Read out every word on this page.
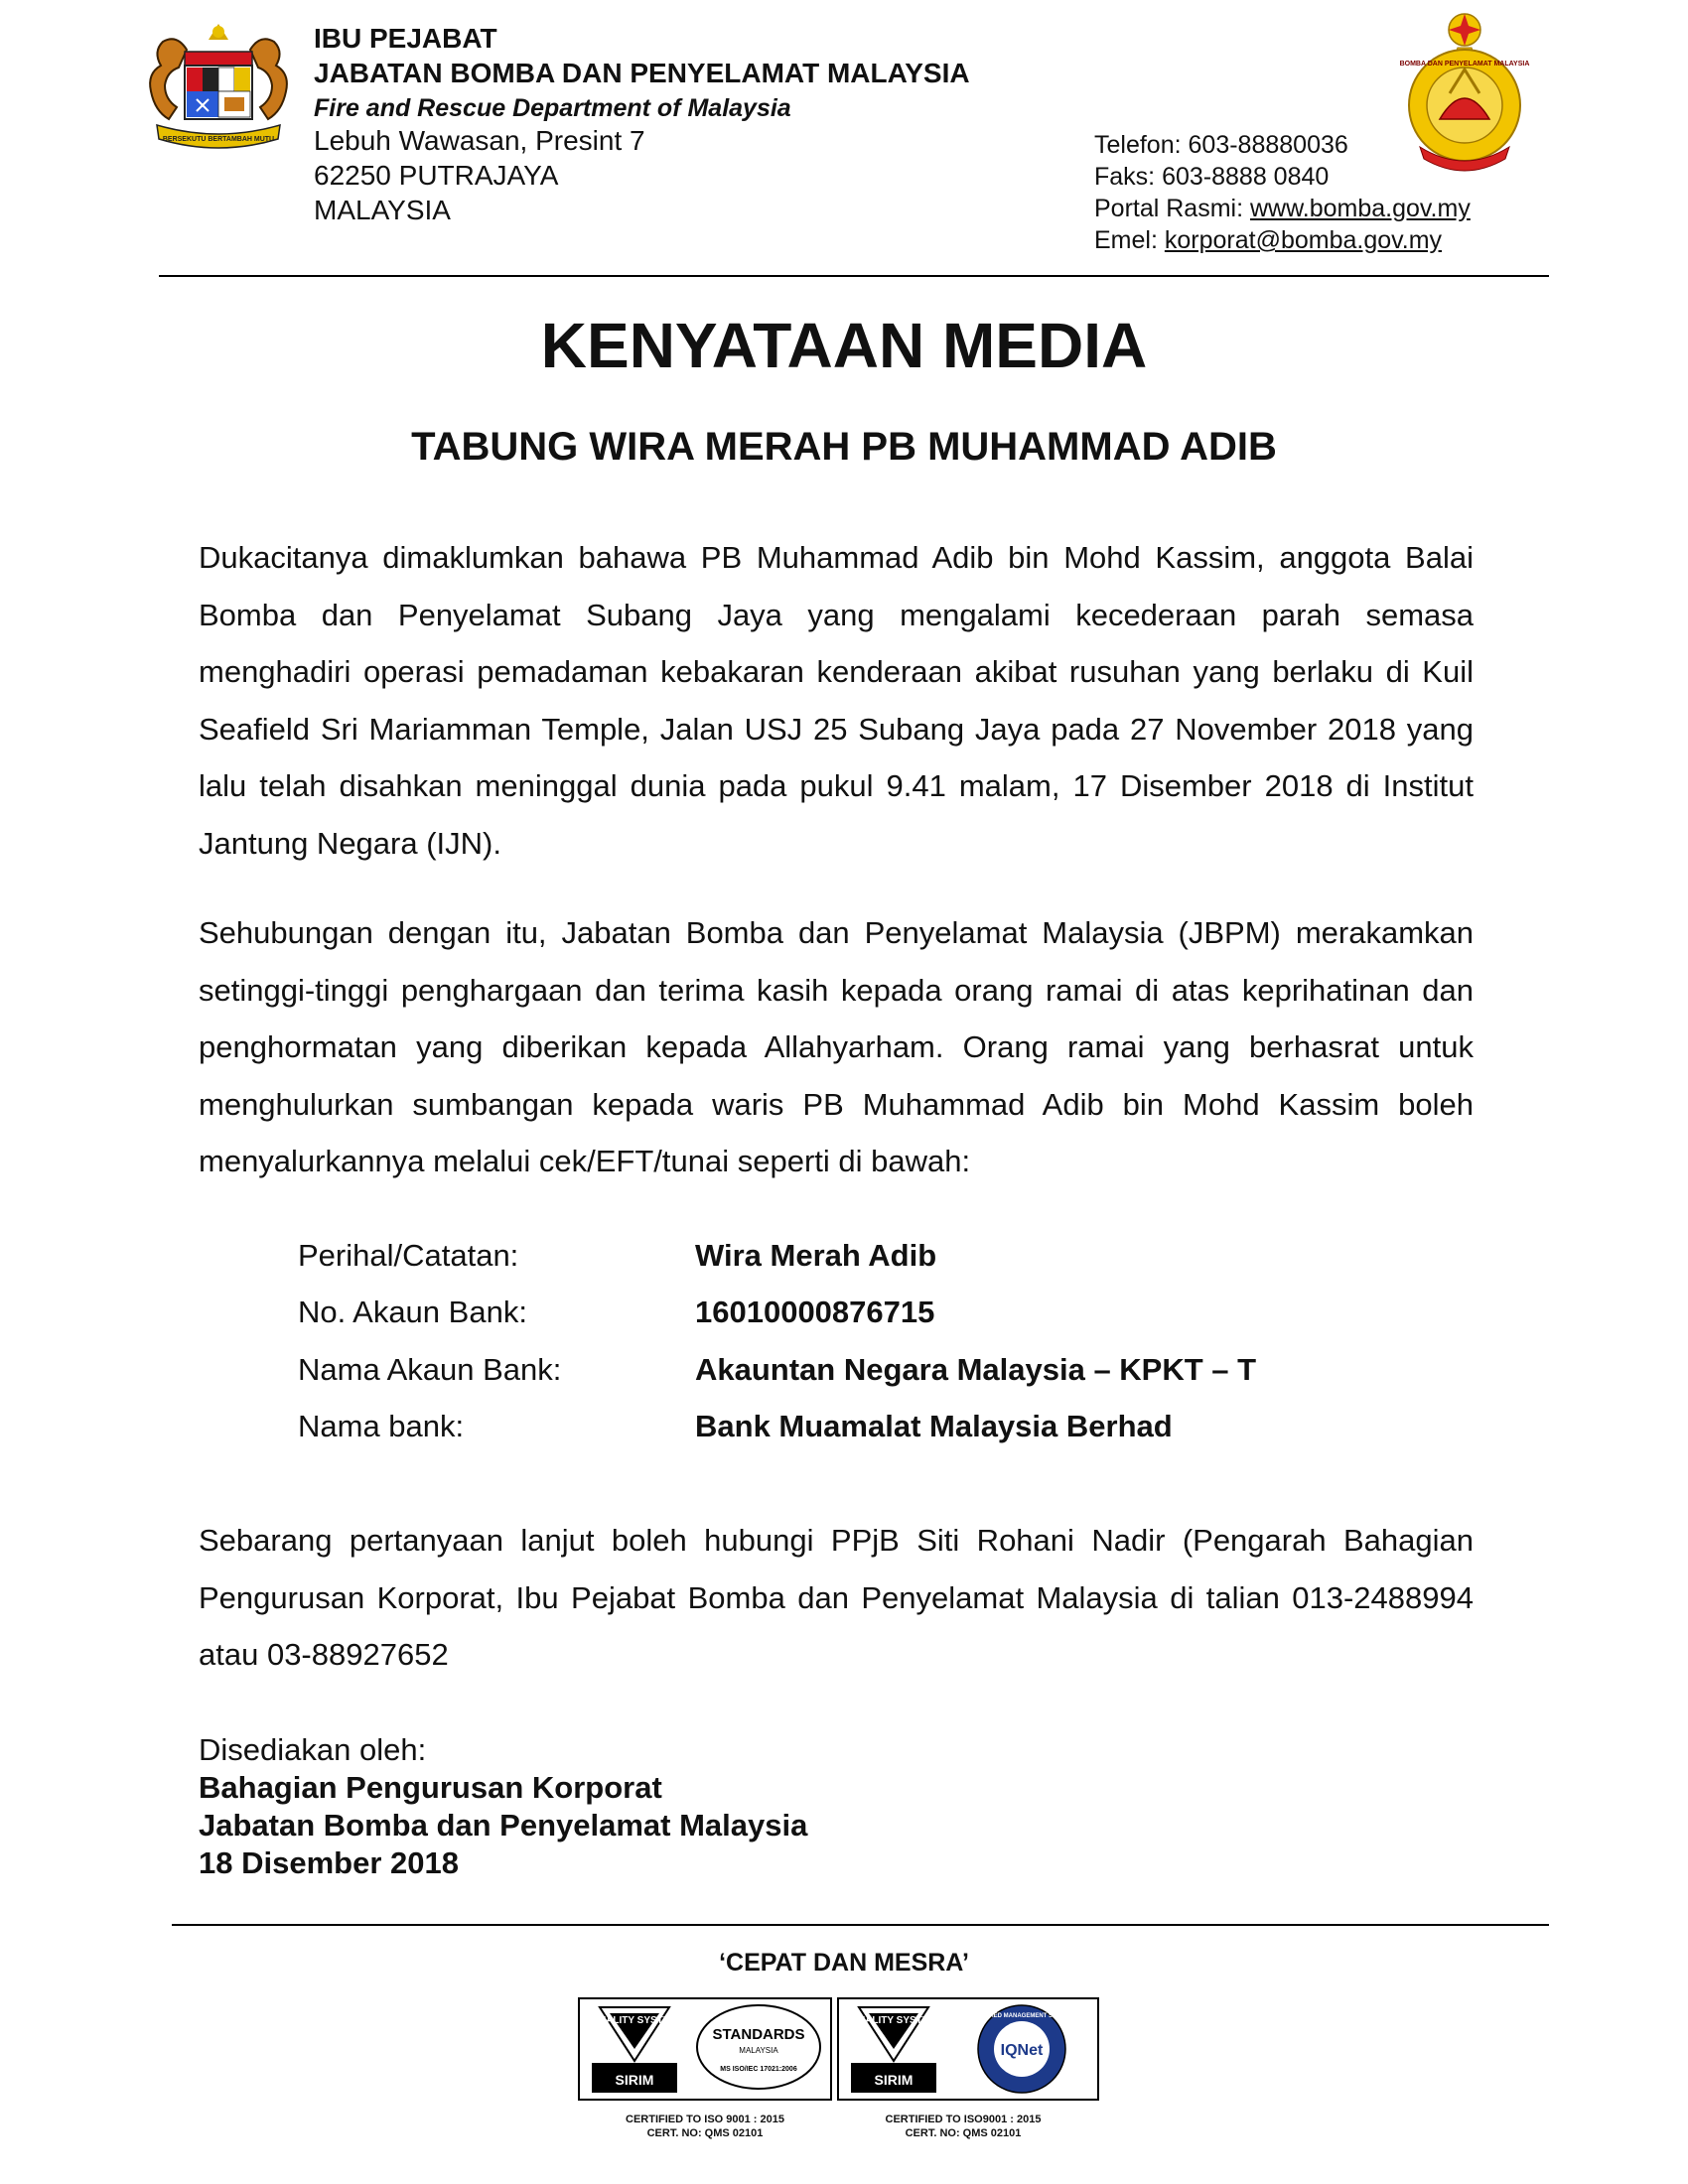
BERSEKUTU BERTAMBAH MUTU
BOMBA DAN PENYELAMAT MALAYSIA
IBU PEJABAT
JABATAN BOMBA DAN PENYELAMAT MALAYSIA
Fire and Rescue Department of Malaysia
Lebuh Wawasan, Presint 7
62250 PUTRAJAYA
MALAYSIA
Telefon: 603-88880036
Faks: 603-8888 0840
Portal Rasmi: www.bomba.gov.my
Emel: korporat@bomba.gov.my
KENYATAAN MEDIA
TABUNG WIRA MERAH PB MUHAMMAD ADIB
Dukacitanya dimaklumkan bahawa PB Muhammad Adib bin Mohd Kassim, anggota Balai Bomba dan Penyelamat Subang Jaya yang mengalami kecederaan parah semasa menghadiri operasi pemadaman kebakaran kenderaan akibat rusuhan yang berlaku di Kuil Seafield Sri Mariamman Temple, Jalan USJ 25 Subang Jaya pada 27 November 2018 yang lalu telah disahkan meninggal dunia pada pukul 9.41 malam, 17 Disember 2018 di Institut Jantung Negara (IJN).
Sehubungan dengan itu, Jabatan Bomba dan Penyelamat Malaysia (JBPM) merakamkan setinggi-tinggi penghargaan dan terima kasih kepada orang ramai di atas keprihatinan dan penghormatan yang diberikan kepada Allahyarham. Orang ramai yang berhasrat untuk menghulurkan sumbangan kepada waris PB Muhammad Adib bin Mohd Kassim boleh menyalurkannya melalui cek/EFT/tunai seperti di bawah:
Perihal/Catatan:	Wira Merah Adib
No. Akaun Bank:	16010000876715
Nama Akaun Bank:	Akauntan Negara Malaysia – KPKT – T
Nama bank:	Bank Muamalat Malaysia Berhad
Sebarang pertanyaan lanjut boleh hubungi PPjB Siti Rohani Nadir (Pengarah Bahagian Pengurusan Korporat, Ibu Pejabat Bomba dan Penyelamat Malaysia di talian 013-2488994 atau 03-88927652
Disediakan oleh:
Bahagian Pengurusan Korporat
Jabatan Bomba dan Penyelamat Malaysia
18 Disember 2018
‘CEPAT DAN MESRA’
QUALITY SYSTEM
SIRIM
STANDARDS
MALAYSIA
MS ISO/IEC 17021:2006
QUALITY SYSTEM
SIRIM
IQNet
CERTIFIED MANAGEMENT SYSTEM
CERTIFIED TO ISO 9001 : 2015
CERT. NO: QMS 02101
CERTIFIED TO ISO9001 : 2015
CERT. NO: QMS 02101
